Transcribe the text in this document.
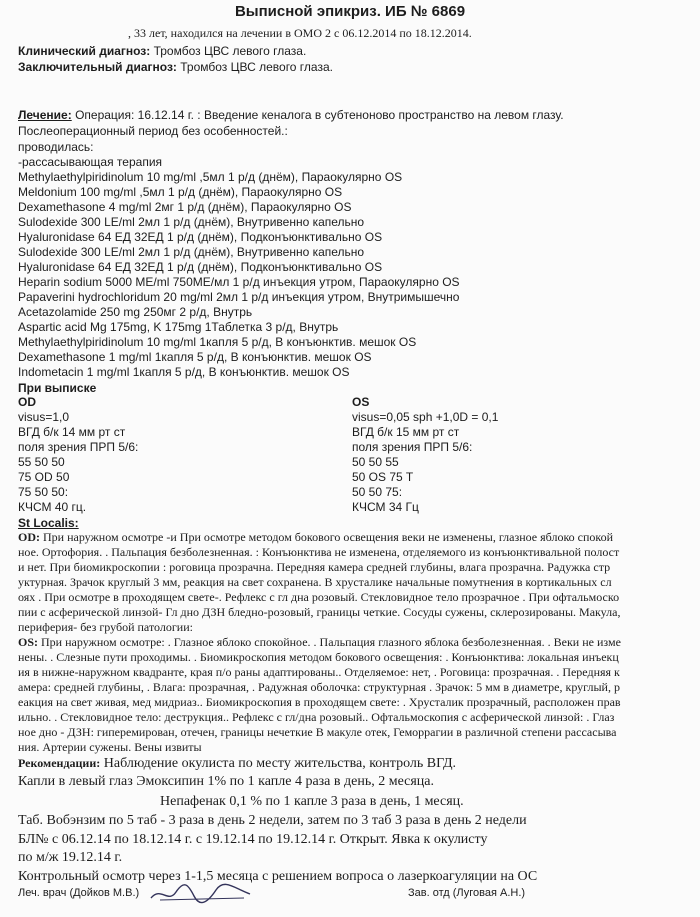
Выписной эпикриз. ИБ № 6869
, 33 лет, находился на лечении в ОМО 2 с 06.12.2014 по 18.12.2014.
Клинический диагноз: Тромбоз ЦВС левого глаза.
Заключительный диагноз: Тромбоз ЦВС левого глаза.
Лечение: Операция: 16.12.14 г. : Введение кеналога в субтеноново пространство на левом глазу.
Послеоперационный период без особенностей.:
проводилась:
-рассасывающая терапия
Methylaethylpiridinolum 10 mg/ml ,5мл 1 р/д (днём), Параокулярно OS
Meldonium 100 mg/ml ,5мл 1 р/д (днём), Параокулярно OS
Dexamethasone 4 mg/ml 2мг 1 р/д (днём), Параокулярно OS
Sulodexide 300 LE/ml 2мл 1 р/д (днём), Внутривенно капельно
Hyaluronidase 64 ЕД 32ЕД 1 р/д (днём), Подконъюнктивально OS
Sulodexide 300 LE/ml 2мл 1 р/д (днём), Внутривенно капельно
Hyaluronidase 64 ЕД 32ЕД 1 р/д (днём), Подконъюнктивально OS
Heparin sodium 5000 МЕ/ml 750МЕ/мл 1 р/д инъекция утром, Параокулярно OS
Papaverini hydrochloridum 20 mg/ml 2мл 1 р/д инъекция утром, Внутримышечно
Acetazolamide 250 mg 250мг 2 р/д, Внутрь
Aspartic acid Mg 175mg, K 175mg 1Таблетка 3 р/д, Внутрь
Methylaethylpiridinolum 10 mg/ml 1капля 5 р/д, В конъюнктив. мешок OS
Dexamethasone 1 mg/ml 1капля 5 р/д, В конъюнктив. мешок OS
Indometacin 1 mg/ml 1капля 5 р/д, В конъюнктив. мешок OS
При выписке
OD
visus=1,0
ВГД б/к 14 мм рт ст
поля зрения ПРП 5/6:
55 50 50
75 OD 50
75 50 50:
КЧСМ 40 гц.
OS
visus=0,05 sph +1,0D = 0,1
ВГД б/к 15 мм рт ст
поля зрения ПРП 5/6:
50 50 55
50 OS 75 T
50 50 75:
КЧСМ 34 Гц
St Localis:
OD: При наружном осмотре -и При осмотре методом бокового освещения веки не изменены, глазное яблоко спокой
ное. Ортофория. . Пальпация безболезненная. : Конъюнктива не изменена, отделяемого из конъюнктивальной полост
и нет. При биомикроскопии : роговица прозрачна. Передняя камера средней глубины, влага прозрачна. Радужка стр
уктурная. Зрачок круглый 3 мм, реакция на свет сохранена. В хрусталике начальные помутнения в кортикальных сл
оях . При осмотре в проходящем свете-. Рефлекс с гл дна розовый. Стекловидное тело прозрачное . При офтальмоско
пии с асферической линзой- Гл дно ДЗН бледно-розовый, границы четкие. Сосуды сужены, склерозированы. Макула,
периферия- без грубой патологии:
OS: При наружном осмотре: . Глазное яблоко спокойное. . Пальпация глазного яблока безболезненная. . Веки не изме
нены. . Слезные пути проходимы. . Биомикроскопия методом бокового освещения: . Конъюнктива: локальная инъекц
ия в нижне-наружном квадранте, края п/о раны адаптированы.. Отделяемое: нет, . Роговица: прозрачная. . Передняя к
амера: средней глубины, . Влага: прозрачная, . Радужная оболочка: структурная . Зрачок: 5 мм в диаметре, круглый, р
еакция на свет живая, мед мидриаз.. Биомикроскопия в проходящем свете: . Хрусталик прозрачный, расположен прав
ильно. . Стекловидное тело: деструкция.. Рефлекс с гл/дна розовый.. Офтальмоскопия с асферической линзой: . Глаз
ное дно - ДЗН: гиперемирован, отечен, границы нечеткие В макуле отек, Геморрагии в различной степени рассасыва
ния. Артерии сужены. Вены извиты
Рекомендации: Наблюдение окулиста по месту жительства, контроль ВГД.
Капли в левый глаз Эмоксипин 1% по 1 капле 4 раза в день, 2 месяца.
Непафенак 0,1 % по 1 капле 3 раза в день, 1 месяц.
Таб. Вобэнзим по 5 таб - 3 раза в день 2 недели, затем по 3 таб 3 раза в день 2 недели
БЛ№ с 06.12.14 по 18.12.14 г. с 19.12.14 по 19.12.14 г. Открыт. Явка к окулисту
по м/ж 19.12.14 г.
Контрольный осмотр через 1-1,5 месяца с решением вопроса о лазеркоагуляции на ОС
Леч. врач (Дойков М.В.)	Зав. отд (Луговая А.Н.)
